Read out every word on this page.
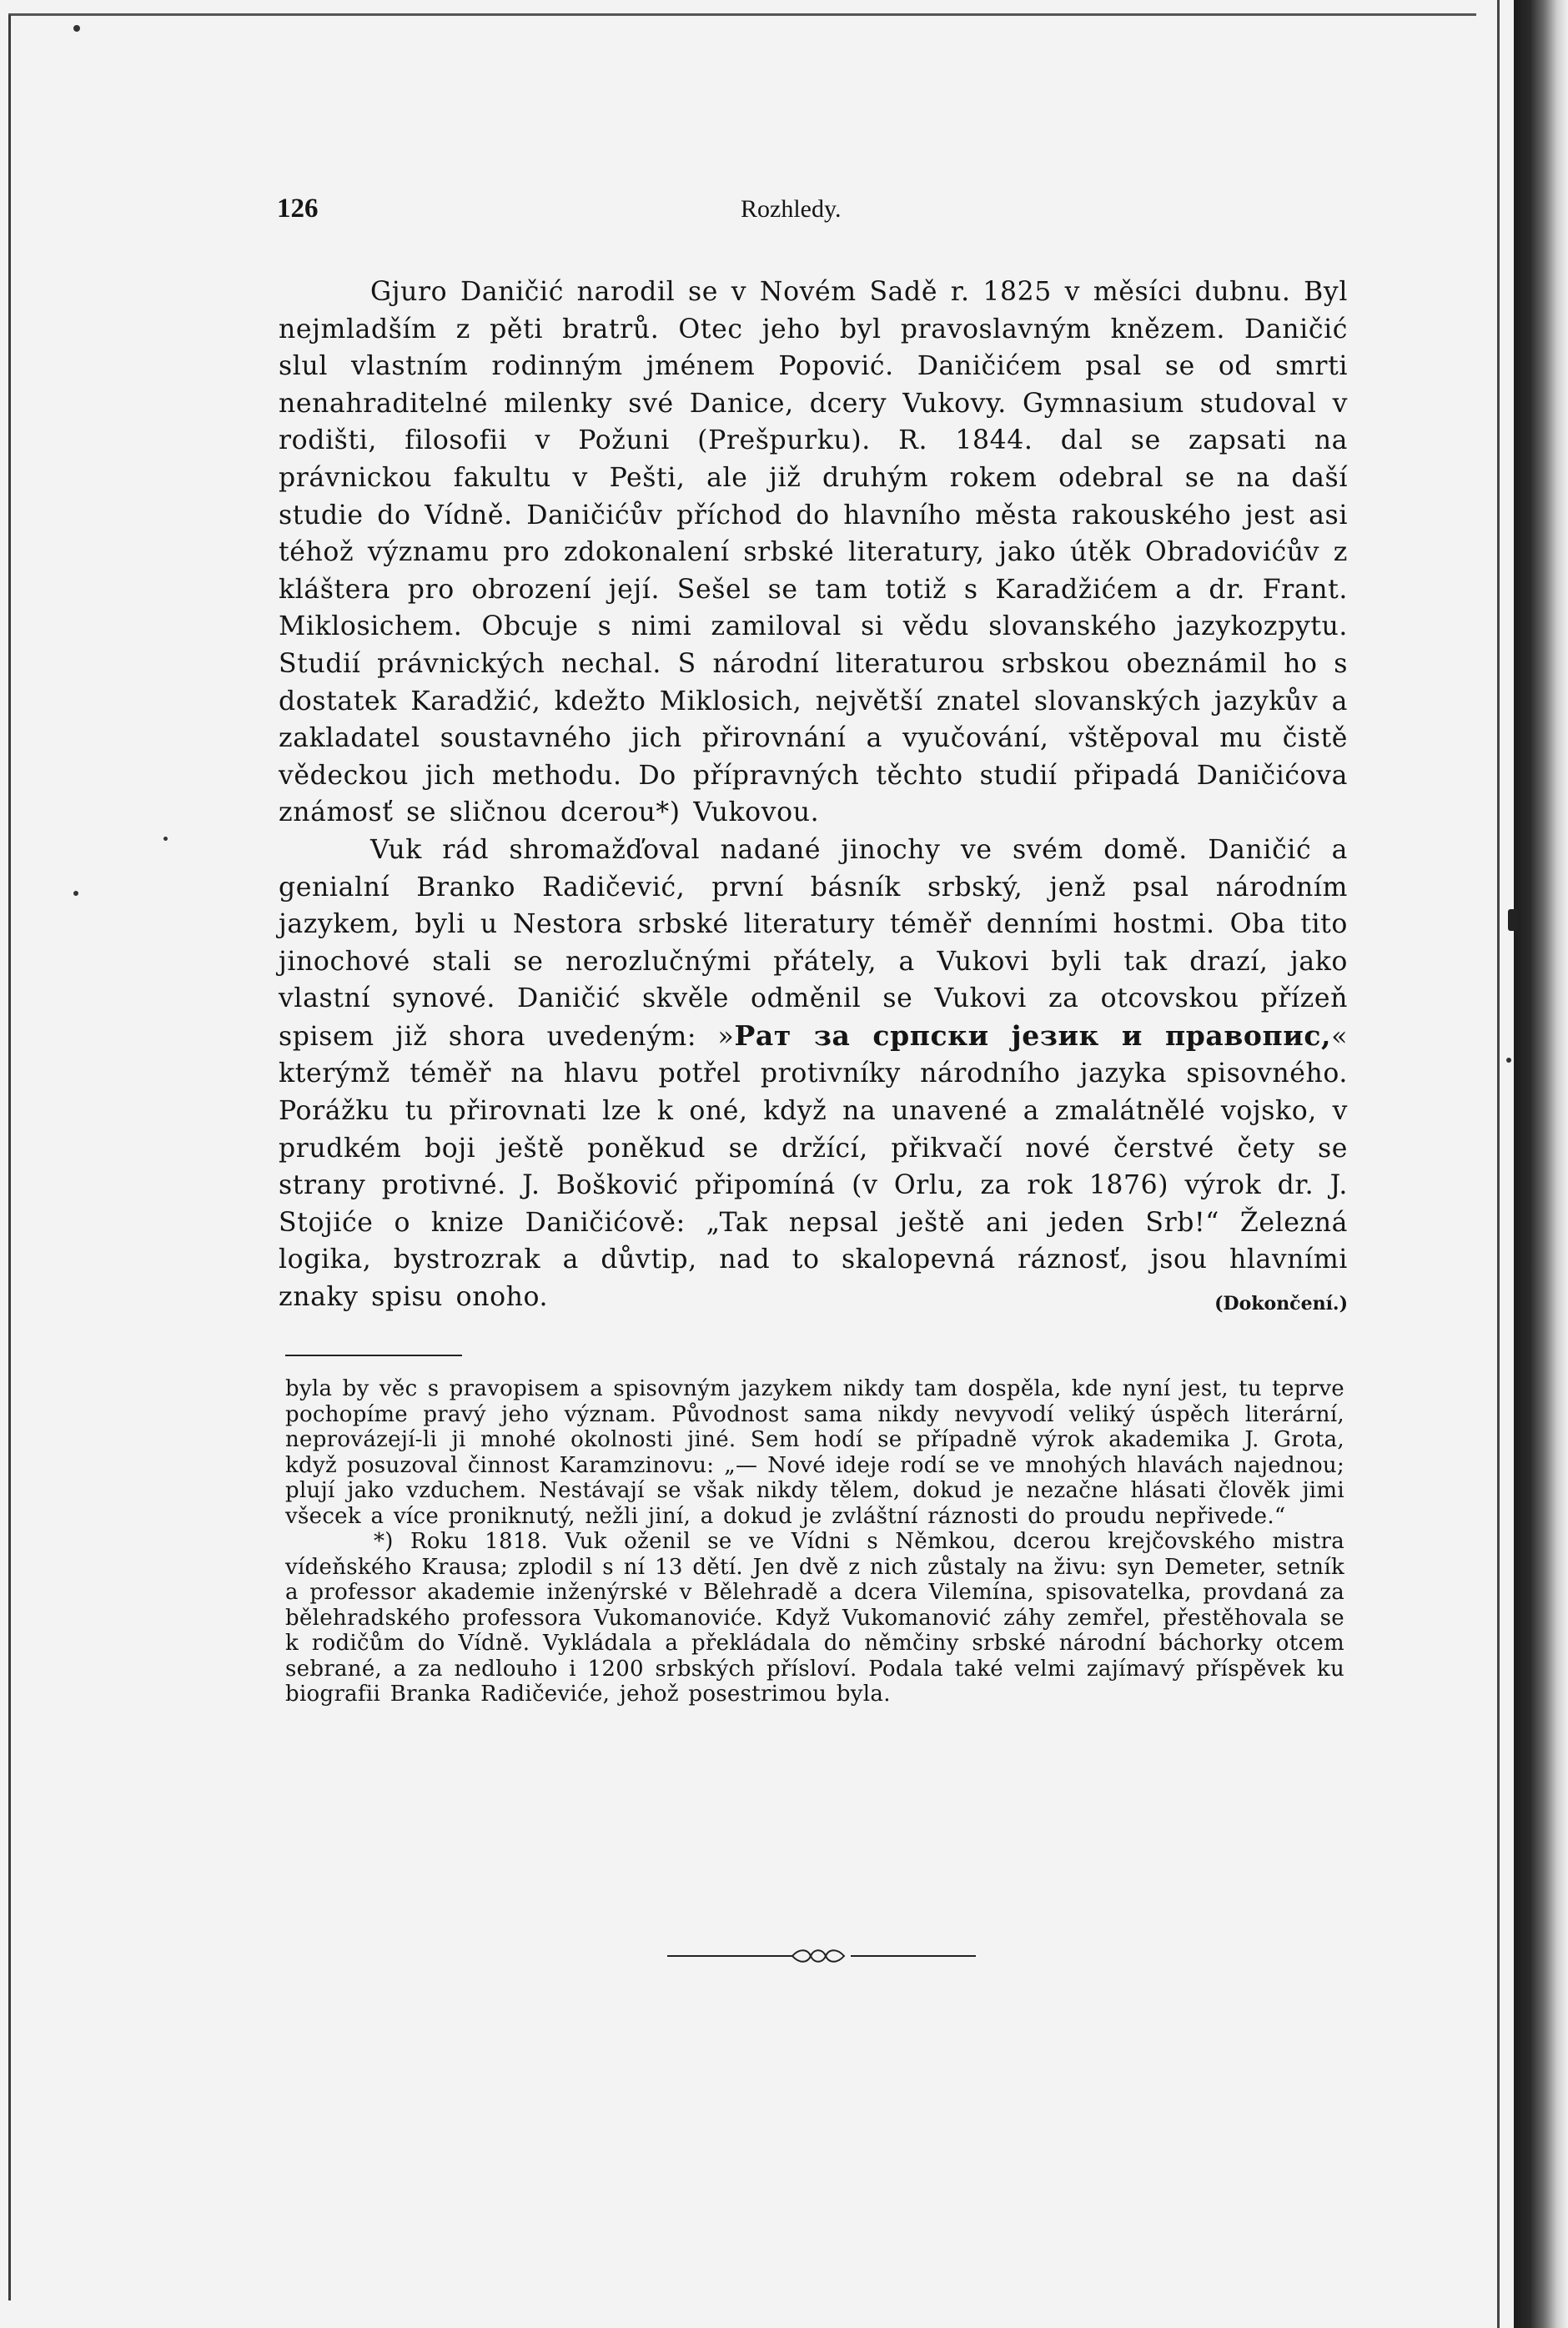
126	Rozhledy.

Gjuro Daničić narodil se v Novém Sadě r. 1825 v měsíci dubnu. Byl nejmladším z pěti bratrů. Otec jeho byl pravoslavným knězem. Daničić slul vlastním rodinným jménem Popović. Daničićem psal se od smrti nenahraditelné milenky své Danice, dcery Vukovy. Gymnasium studoval v rodišti, filosofii v Požuni (Prešpurku). R. 1844. dal se zapsati na právnickou fakultu v Pešti, ale již druhým rokem odebral se na daší studie do Vídně. Daničićův příchod do hlavního města rakouského jest asi téhož významu pro zdokonalení srbské literatury, jako útěk Obradovićův z kláštera pro obrození její. Sešel se tam totiž s Karadžićem a dr. Frant. Miklosichem. Obcuje s nimi zamiloval si vědu slovanského jazykozpytu. Studií právnických nechal. S národní literaturou srbskou obeznámil ho s dostatek Karadžić, kdežto Miklosich, největší znatel slovanských jazykův a zakladatel soustavného jich přirovnání a vyučování, vštěpoval mu čistě vědeckou jich methodu. Do přípravných těchto studií připadá Daničićova známosť se sličnou dcerou*) Vukovou.

Vuk rád shromažďoval nadané jinochy ve svém domě. Daničić a genialní Branko Radičević, první básník srbský, jenž psal národním jazykem, byli u Nestora srbské literatury téměř denními hostmi. Oba tito jinochové stali se nerozlučnými přátely, a Vukovi byli tak drazí, jako vlastní synové. Daničić skvěle odměnil se Vukovi za otcovskou přízeň spisem již shora uvedeným: »Рат за српски језик и правопис,« kterýmž téměř na hlavu potřel protivníky národního jazyka spisovného. Porážku tu přirovnati lze k oné, když na unavené a zmalátnělé vojsko, v prudkém boji ještě poněkud se držící, přikvačí nové čerstvé čety se strany protivné. J. Bošković připomíná (v Orlu, za rok 1876) výrok dr. J. Stojiće o knize Daničićově: „Tak nepsal ještě ani jeden Srb!“ Železná logika, bystrozrak a důvtip, nad to skalopevná ráznosť, jsou hlavními znaky spisu onoho.	(Dokončení.)

byla by věc s pravopisem a spisovným jazykem nikdy tam dospěla, kde nyní jest, tu teprve pochopíme pravý jeho význam. Původnost sama nikdy nevyvodí veliký úspěch literární, neprovázejí-li ji mnohé okolnosti jiné. Sem hodí se případně výrok akademika J. Grota, když posuzoval činnost Karamzinovu: „— Nové ideje rodí se ve mnohých hlavách najednou; plují jako vzduchem. Nestávají se však nikdy tělem, dokud je nezačne hlásati člověk jimi všecek a více proniknutý, nežli jiní, a dokud je zvláštní ráznosti do proudu nepřivede.“

*) Roku 1818. Vuk oženil se ve Vídni s Němkou, dcerou krejčovského mistra vídeňského Krausa; zplodil s ní 13 dětí. Jen dvě z nich zůstaly na živu: syn Demeter, setník a professor akademie inženýrské v Bělehradě a dcera Vilemína, spisovatelka, provdaná za bělehradského professora Vukomanoviće. Když Vukomanović záhy zemřel, přestěhovala se k rodičům do Vídně. Vykládala a překládala do němčiny srbské národní báchorky otcem sebrané, a za nedlouho i 1200 srbských přísloví. Podala také velmi zajímavý příspěvek ku biografii Branka Radičeviće, jehož posestrimou byla.
